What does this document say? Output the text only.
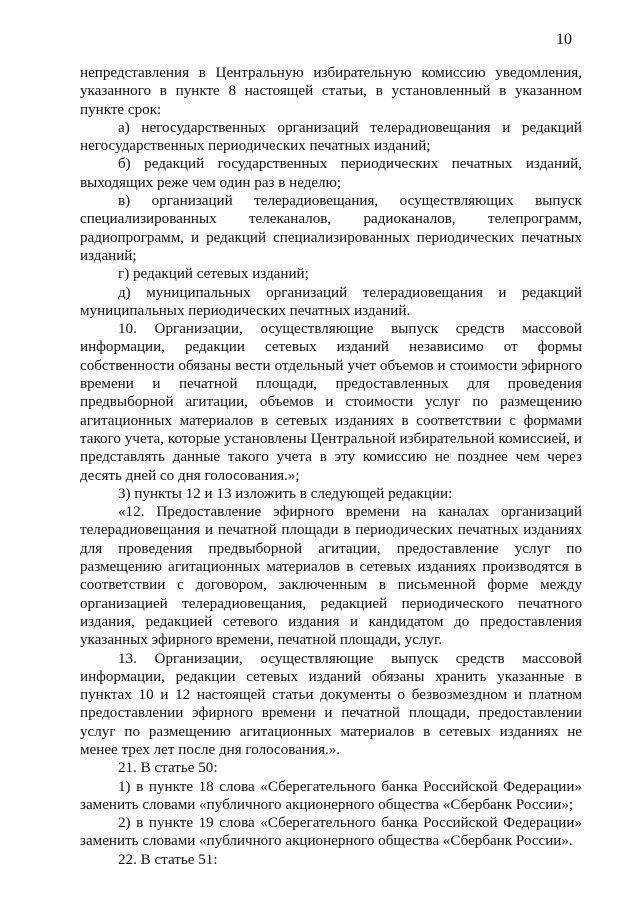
10

непредставления в Центральную избирательную комиссию уведомления, указанного в пункте 8 настоящей статьи, в установленный в указанном пункте срок:

а) негосударственных организаций телерадиовещания и редакций негосударственных периодических печатных изданий;

б) редакций государственных периодических печатных изданий, выходящих реже чем один раз в неделю;

в) организаций телерадиовещания, осуществляющих выпуск специализированных телеканалов, радиоканалов, телепрограмм, радиопрограмм, и редакций специализированных периодических печатных изданий;

г) редакций сетевых изданий;

д) муниципальных организаций телерадиовещания и редакций муниципальных периодических печатных изданий.

10. Организации, осуществляющие выпуск средств массовой информации, редакции сетевых изданий независимо от формы собственности обязаны вести отдельный учет объемов и стоимости эфирного времени и печатной площади, предоставленных для проведения предвыборной агитации, объемов и стоимости услуг по размещению агитационных материалов в сетевых изданиях в соответствии с формами такого учета, которые установлены Центральной избирательной комиссией, и представлять данные такого учета в эту комиссию не позднее чем через десять дней со дня голосования.»;

3) пункты 12 и 13 изложить в следующей редакции:

«12. Предоставление эфирного времени на каналах организаций телерадиовещания и печатной площади в периодических печатных изданиях для проведения предвыборной агитации, предоставление услуг по размещению агитационных материалов в сетевых изданиях производятся в соответствии с договором, заключенным в письменной форме между организацией телерадиовещания, редакцией периодического печатного издания, редакцией сетевого издания и кандидатом до предоставления указанных эфирного времени, печатной площади, услуг.

13. Организации, осуществляющие выпуск средств массовой информации, редакции сетевых изданий обязаны хранить указанные в пунктах 10 и 12 настоящей статьи документы о безвозмездном и платном предоставлении эфирного времени и печатной площади, предоставлении услуг по размещению агитационных материалов в сетевых изданиях не менее трех лет после дня голосования.».

21. В статье 50:

1) в пункте 18 слова «Сберегательного банка Российской Федерации» заменить словами «публичного акционерного общества «Сбербанк России»;

2) в пункте 19 слова «Сберегательного банка Российской Федерации» заменить словами «публичного акционерного общества «Сбербанк России».

22. В статье 51:
